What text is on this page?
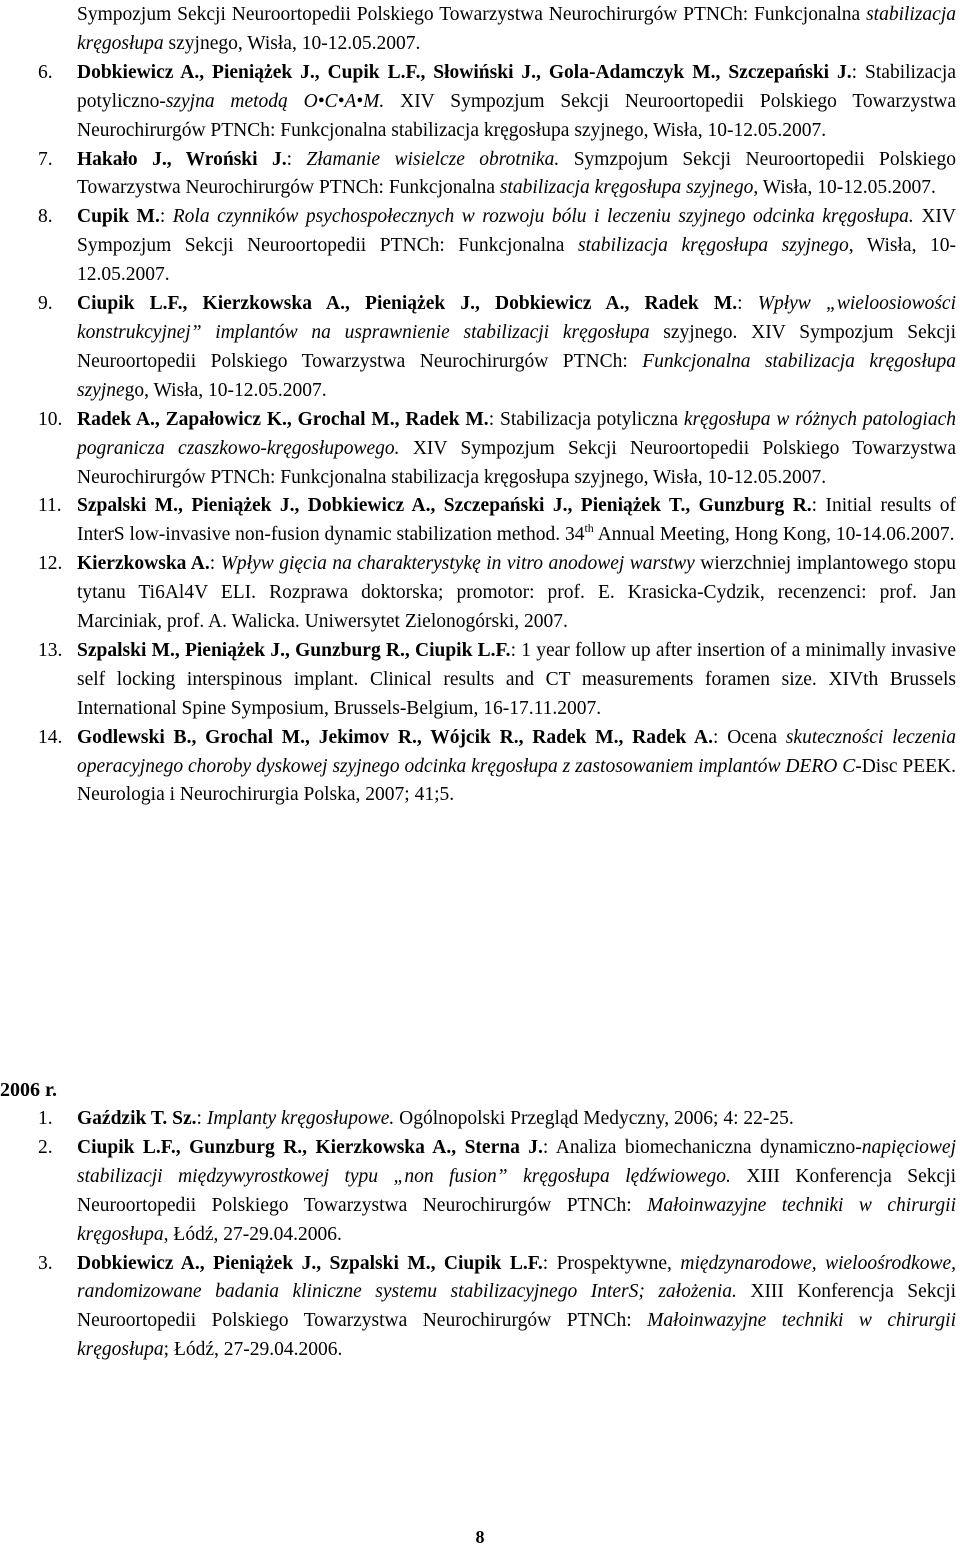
Sympozjum Sekcji Neuroortopedii Polskiego Towarzystwa Neurochirurgów PTNCh: Funkcjonalna stabilizacja kręgosłupa szyjnego, Wisła, 10-12.05.2007.
6. Dobkiewicz A., Pieniążek J., Cupik L.F., Słowiński J., Gola-Adamczyk M., Szczepański J.: Stabilizacja potyliczno-szyjna metodą O•C•A•M. XIV Sympozjum Sekcji Neuroortopedii Polskiego Towarzystwa Neurochirurgów PTNCh: Funkcjonalna stabilizacja kręgosłupa szyjnego, Wisła, 10-12.05.2007.
7. Hakało J., Wroński J.: Złamanie wisielcze obrotnika. Symzpojum Sekcji Neuroortopedii Polskiego Towarzystwa Neurochirurgów PTNCh: Funkcjonalna stabilizacja kręgosłupa szyjnego, Wisła, 10-12.05.2007.
8. Cupik M.: Rola czynników psychospołecznych w rozwoju bólu i leczeniu szyjnego odcinka kręgosłupa. XIV Sympozjum Sekcji Neuroortopedii PTNCh: Funkcjonalna stabilizacja kręgosłupa szyjnego, Wisła, 10-12.05.2007.
9. Ciupik L.F., Kierzkowska A., Pieniążek J., Dobkiewicz A., Radek M.: Wpływ „wieloosiowości konstrukcyjnej” implantów na usprawnienie stabilizacji kręgosłupa szyjnego. XIV Sympozjum Sekcji Neuroortopedii Polskiego Towarzystwa Neurochirurgów PTNCh: Funkcjonalna stabilizacja kręgosłupa szyjnego, Wisła, 10-12.05.2007.
10. Radek A., Zapałowicz K., Grochal M., Radek M.: Stabilizacja potyliczna kręgosłupa w różnych patologiach pogranicza czaszkowo-kręgosłupowego. XIV Sympozjum Sekcji Neuroortopedii Polskiego Towarzystwa Neurochirurgów PTNCh: Funkcjonalna stabilizacja kręgosłupa szyjnego, Wisła, 10-12.05.2007.
11. Szpalski M., Pieniążek J., Dobkiewicz A., Szczepański J., Pieniążek T., Gunzburg R.: Initial results of InterS low-invasive non-fusion dynamic stabilization method. 34th Annual Meeting, Hong Kong, 10-14.06.2007.
12. Kierzkowska A.: Wpływ gięcia na charakterystykę in vitro anodowej warstwy wierzchniej implantowego stopu tytanu Ti6Al4V ELI. Rozprawa doktorska; promotor: prof. E. Krasicka-Cydzik, recenzenci: prof. Jan Marciniak, prof. A. Walicka. Uniwersytet Zielonogórski, 2007.
13. Szpalski M., Pieniążek J., Gunzburg R., Ciupik L.F.: 1 year follow up after insertion of a minimally invasive self locking interspinous implant. Clinical results and CT measurements foramen size. XIVth Brussels International Spine Symposium, Brussels-Belgium, 16-17.11.2007.
14. Godlewski B., Grochal M., Jekimov R., Wójcik R., Radek M., Radek A.: Ocena skuteczności leczenia operacyjnego choroby dyskowej szyjnego odcinka kręgosłupa z zastosowaniem implantów DERO C-Disc PEEK. Neurologia i Neurochirurgia Polska, 2007; 41;5.
2006 r.
1. Gaździk T. Sz.: Implanty kręgosłupowe. Ogólnopolski Przegląd Medyczny, 2006; 4: 22-25.
2. Ciupik L.F., Gunzburg R., Kierzkowska A., Sterna J.: Analiza biomechaniczna dynamiczno-napięciowej stabilizacji międzywyrostkowej typu „non fusion” kręgosłupa lędźwiowego. XIII Konferencja Sekcji Neuroortopedii Polskiego Towarzystwa Neurochirurgów PTNCh: Małoinwazyjne techniki w chirurgii kręgosłupa, Łódź, 27-29.04.2006.
3. Dobkiewicz A., Pieniążek J., Szpalski M., Ciupik L.F.: Prospektywne, międzynarodowe, wieloośrodkowe, randomizowane badania kliniczne systemu stabilizacyjnego InterS; założenia. XIII Konferencja Sekcji Neuroortopedii Polskiego Towarzystwa Neurochirurgów PTNCh: Małoinwazyjne techniki w chirurgii kręgosłupa; Łódź, 27-29.04.2006.
8
